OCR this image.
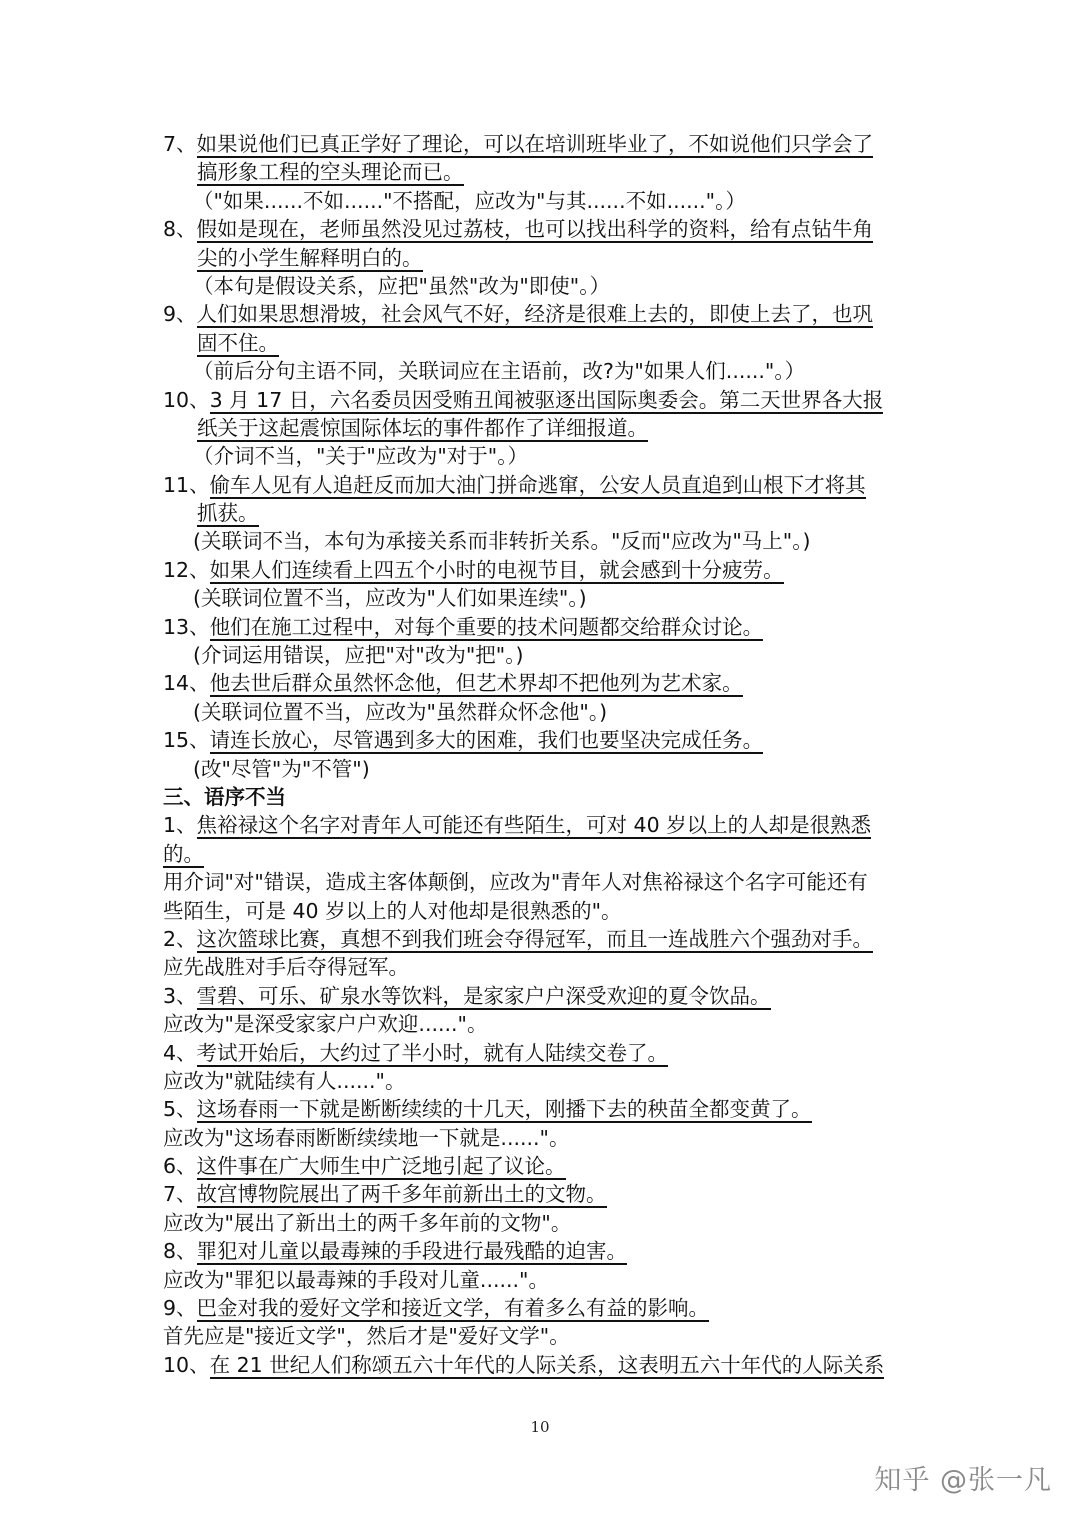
7、如果说他们已真正学好了理论，可以在培训班毕业了，不如说他们只学会了
搞形象工程的空头理论而已。
（"如果......不如......"不搭配，应改为"与其......不如......"。）
8、假如是现在，老师虽然没见过荔枝，也可以找出科学的资料，给有点钻牛角
尖的小学生解释明白的。
（本句是假设关系，应把"虽然"改为"即使"。）
9、人们如果思想滑坡，社会风气不好，经济是很难上去的，即使上去了，也巩
固不住。
（前后分句主语不同，关联词应在主语前，改?为"如果人们......"。）
10、3 月 17 日，六名委员因受贿丑闻被驱逐出国际奥委会。第二天世界各大报
纸关于这起震惊国际体坛的事件都作了详细报道。
（介词不当，"关于"应改为"对于"。）
11、偷车人见有人追赶反而加大油门拼命逃窜，公安人员直追到山根下才将其
抓获。
(关联词不当，本句为承接关系而非转折关系。"反而"应改为"马上"。)
12、如果人们连续看上四五个小时的电视节目，就会感到十分疲劳。
(关联词位置不当，应改为"人们如果连续"。)
13、他们在施工过程中，对每个重要的技术问题都交给群众讨论。
(介词运用错误，应把"对"改为"把"。)
14、他去世后群众虽然怀念他，但艺术界却不把他列为艺术家。
(关联词位置不当，应改为"虽然群众怀念他"。)
15、请连长放心，尽管遇到多大的困难，我们也要坚决完成任务。
(改"尽管"为"不管")
三、语序不当
1、焦裕禄这个名字对青年人可能还有些陌生，可对 40 岁以上的人却是很熟悉
的。
用介词"对"错误，造成主客体颠倒，应改为"青年人对焦裕禄这个名字可能还有
些陌生，可是 40 岁以上的人对他却是很熟悉的"。
2、这次篮球比赛，真想不到我们班会夺得冠军，而且一连战胜六个强劲对手。
应先战胜对手后夺得冠军。
3、雪碧、可乐、矿泉水等饮料，是家家户户深受欢迎的夏令饮品。
应改为"是深受家家户户欢迎......"。
4、考试开始后，大约过了半小时，就有人陆续交卷了。
应改为"就陆续有人......"。
5、这场春雨一下就是断断续续的十几天，刚播下去的秧苗全都变黄了。
应改为"这场春雨断断续续地一下就是......"。
6、这件事在广大师生中广泛地引起了议论。
7、故宫博物院展出了两千多年前新出土的文物。
应改为"展出了新出土的两千多年前的文物"。
8、罪犯对儿童以最毒辣的手段进行最残酷的迫害。
应改为"罪犯以最毒辣的手段对儿童......"。
9、巴金对我的爱好文学和接近文学，有着多么有益的影响。
首先应是"接近文学"，然后才是"爱好文学"。
10、在 21 世纪人们称颂五六十年代的人际关系，这表明五六十年代的人际关系
10
知乎 @张一凡
